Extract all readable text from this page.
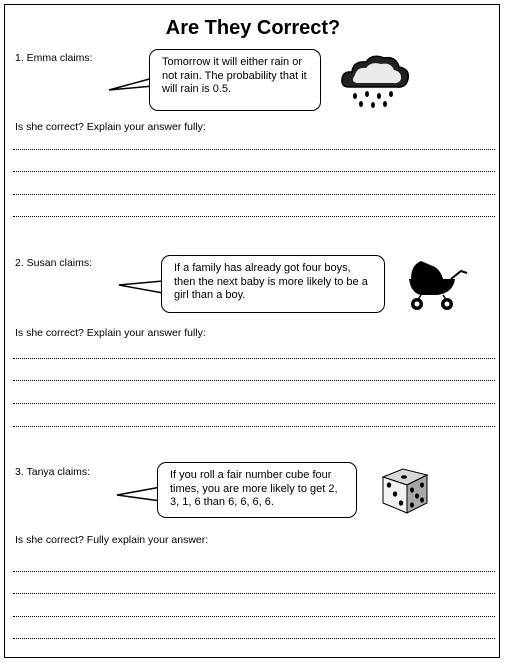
Are They Correct?
1. Emma claims:	Tomorrow it will either rain or not rain. The probability that it will rain is 0.5.
Is she correct? Explain your answer fully:
2. Susan claims:	If a family has already got four boys, then the next baby is more likely to be a girl than a boy.
Is she correct? Explain your answer fully:
3. Tanya claims:	If you roll a fair number cube four times, you are more likely to get 2, 3, 1, 6 than 6, 6, 6, 6.
Is she correct? Fully explain your answer:
